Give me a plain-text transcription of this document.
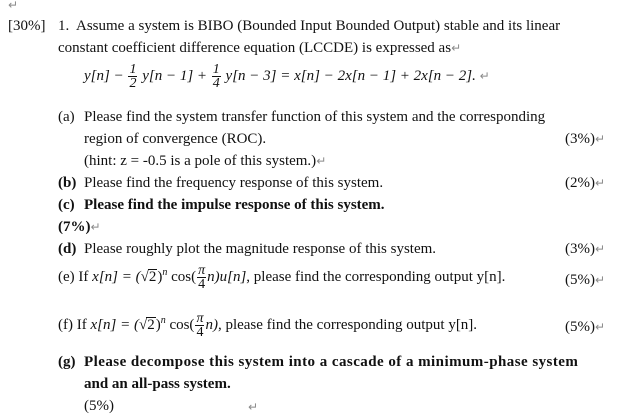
↵
[30%] 1. Assume a system is BIBO (Bounded Input Bounded Output) stable and its linear
constant coefficient difference equation (LCCDE) is expressed as↵
$y[n] - \frac{1}{2} y[n - 1] + \frac{1}{4} y[n - 3] = x[n] - 2x[n - 1] + 2x[n - 2]$. ↵
(a) Please find the system transfer function of this system and the corresponding
region of convergence (ROC).	(3%)↵
(hint: z = -0.5 is a pole of this system.)↵
(b) Please find the frequency response of this system.	(2%)↵
(c) Please find the impulse response of this system.
(7%)↵
(d) Please roughly plot the magnitude response of this system.	(3%)↵
(e) If $x[n] = (√2)^n$ $\cos( \frac{\pi}{4} n)u[n]$, please find the corresponding output y[n].	(5%)↵
(f) If $x[n] = (√2)^n$ $\cos( \frac{\pi}{4} n)$, please find the corresponding output y[n].	(5%)↵
(g) Please decompose this system into a cascade of a minimum-phase system
and an all-pass system.
(5%)	↵
